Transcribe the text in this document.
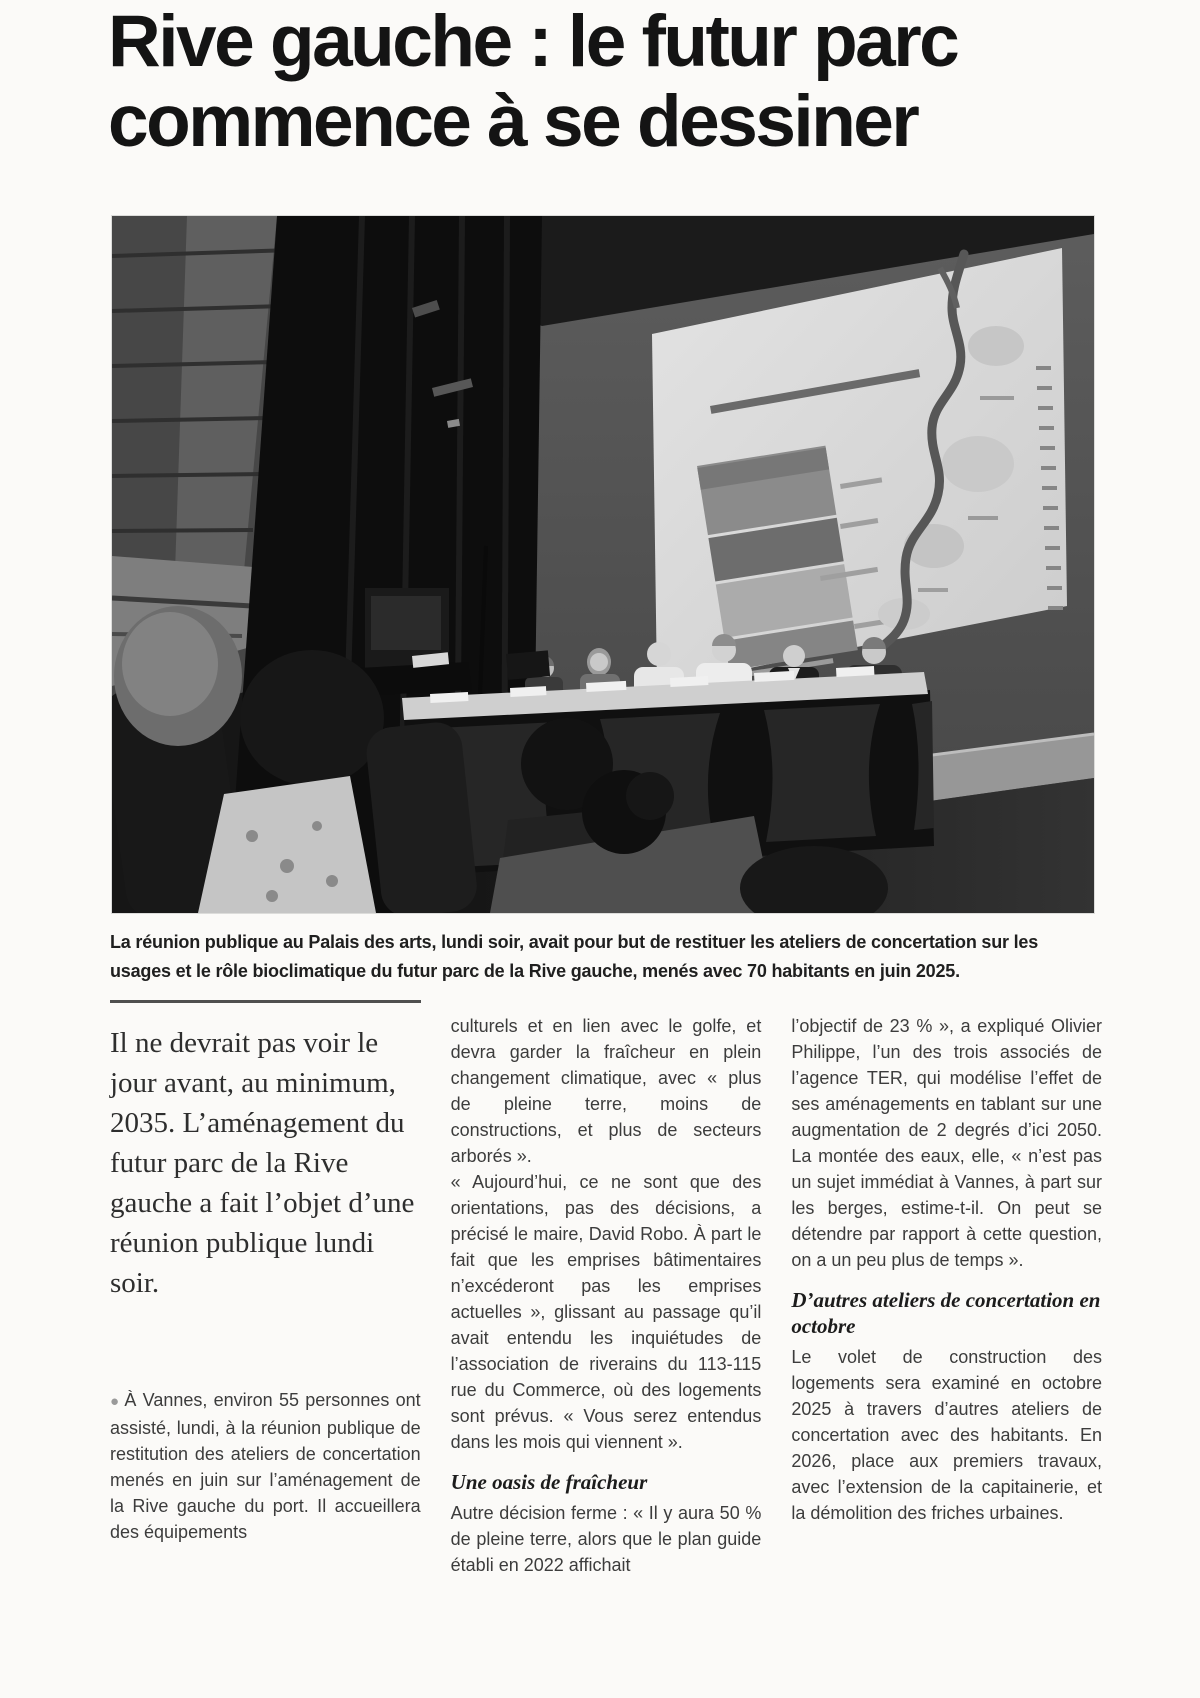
Rive gauche : le futur parc commence à se dessiner
La réunion publique au Palais des arts, lundi soir, avait pour but de restituer les ateliers de concertation sur les usages et le rôle bioclimatique du futur parc de la Rive gauche, menés avec 70 habitants en juin 2025.

Il ne devrait pas voir le jour avant, au minimum, 2035. L’aménagement du futur parc de la Rive gauche a fait l’objet d’une réunion publique lundi soir.

● À Vannes, environ 55 personnes ont assisté, lundi, à la réunion publique de restitution des ateliers de concertation menés en juin sur l’aménagement de la Rive gauche du port. Il accueillera des équipements

culturels et en lien avec le golfe, et devra garder la fraîcheur en plein changement climatique, avec « plus de pleine terre, moins de constructions, et plus de secteurs arborés ».

« Aujourd’hui, ce ne sont que des orientations, pas des décisions, a précisé le maire, David Robo. À part le fait que les emprises bâtimentaires n’excéderont pas les emprises actuelles », glissant au passage qu’il avait entendu les inquiétudes de l’association de riverains du 113-115 rue du Commerce, où des logements sont prévus. « Vous serez entendus dans les mois qui viennent ».

Une oasis de fraîcheur

Autre décision ferme : « Il y aura 50 % de pleine terre, alors que le plan guide établi en 2022 affichait

l’objectif de 23 % », a expliqué Olivier Philippe, l’un des trois associés de l’agence TER, qui modélise l’effet de ses aménagements en tablant sur une augmentation de 2 degrés d’ici 2050. La montée des eaux, elle, « n’est pas un sujet immédiat à Vannes, à part sur les berges, estime-t-il. On peut se détendre par rapport à cette question, on a un peu plus de temps ».

D’autres ateliers de concertation en octobre

Le volet de construction des logements sera examiné en octobre 2025 à travers d’autres ateliers de concertation avec des habitants. En 2026, place aux premiers travaux, avec l’extension de la capitainerie, et la démolition des friches urbaines.
